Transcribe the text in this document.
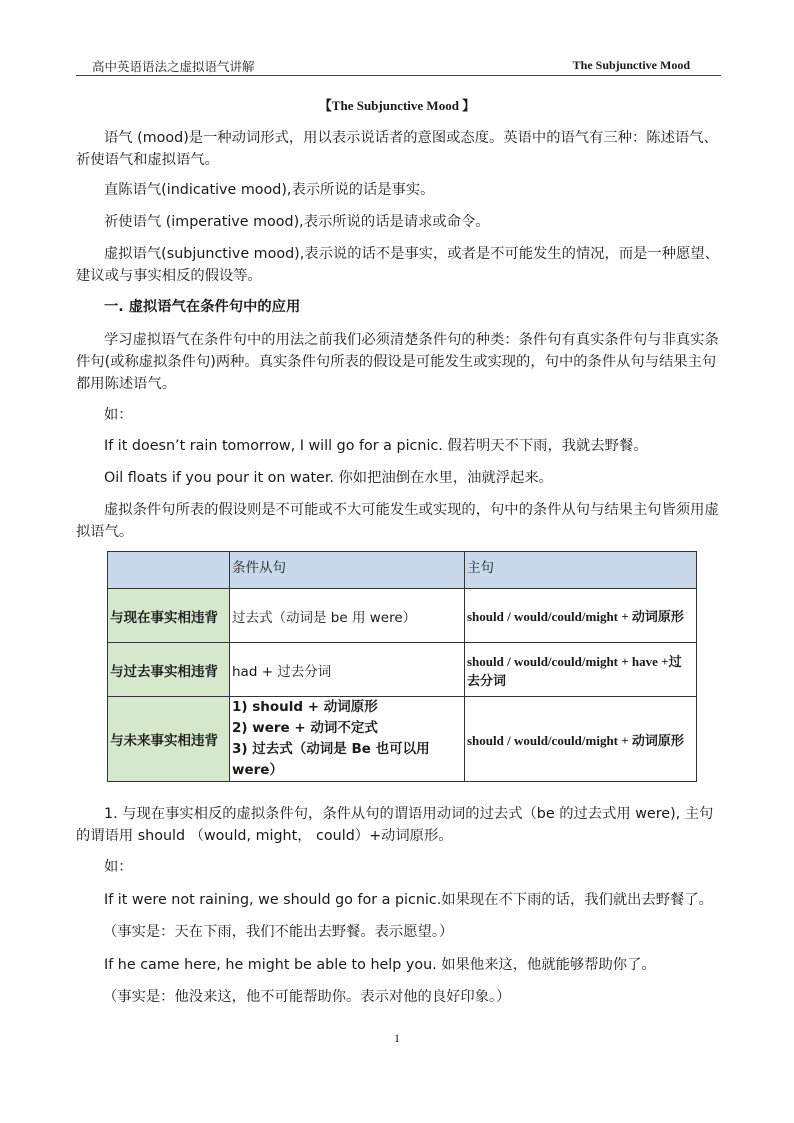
高中英语语法之虚拟语气讲解	The Subjunctive Mood
【The Subjunctive Mood 】
语气 (mood)是一种动词形式，用以表示说话者的意图或态度。英语中的语气有三种：陈述语气、祈使语气和虚拟语气。
直陈语气(indicative mood),表示所说的话是事实。
祈使语气 (imperative mood),表示所说的话是请求或命令。
虚拟语气(subjunctive mood),表示说的话不是事实，或者是不可能发生的情况，而是一种愿望、建议或与事实相反的假设等。
一. 虚拟语气在条件句中的应用
学习虚拟语气在条件句中的用法之前我们必须清楚条件句的种类：条件句有真实条件句与非真实条件句(或称虚拟条件句)两种。真实条件句所表的假设是可能发生或实现的，句中的条件从句与结果主句都用陈述语气。
如：
If it doesn’t rain tomorrow, I will go for a picnic. 假若明天不下雨，我就去野餐。
Oil floats if you pour it on water. 你如把油倒在水里，油就浮起来。
虚拟条件句所表的假设则是不可能或不大可能发生或实现的，句中的条件从句与结果主句皆须用虚拟语气。
	条件从句	主句
与现在事实相违背	过去式（动词是 be 用 were）	should / would/could/might + 动词原形
与过去事实相违背	had + 过去分词	should / would/could/might + have +过去分词
与未来事实相违背	1) should + 动词原形
2) were + 动词不定式
3) 过去式（动词是 Be 也可以用 were）	should / would/could/might + 动词原形
1. 与现在事实相反的虚拟条件句，条件从句的谓语用动词的过去式（be 的过去式用 were), 主句的谓语用 should （would, might， could）+动词原形。
如：
If it were not raining, we should go for a picnic.如果现在不下雨的话，我们就出去野餐了。
（事实是：天在下雨，我们不能出去野餐。表示愿望。）
If he came here, he might be able to help you. 如果他来这，他就能够帮助你了。
（事实是：他没来这，他不可能帮助你。表示对他的良好印象。）
1
